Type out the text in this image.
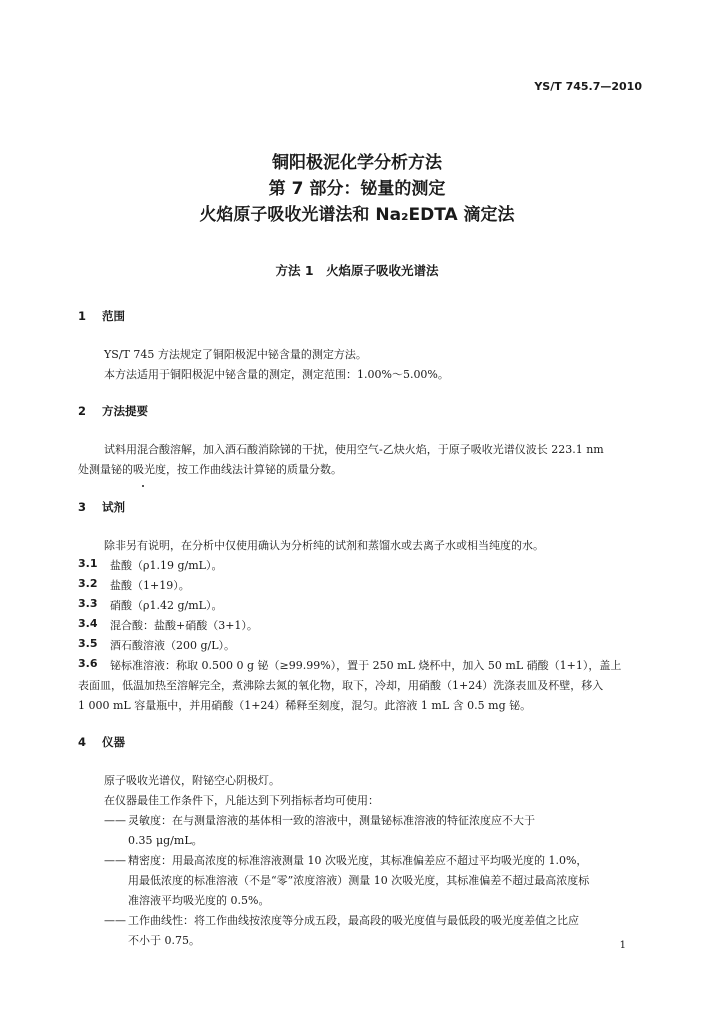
YS/T 745.7—2010
铜阳极泥化学分析方法
第 7 部分：铋量的测定
火焰原子吸收光谱法和 Na₂EDTA 滴定法
方法 1　火焰原子吸收光谱法
1 范围
YS/T 745 方法规定了铜阳极泥中铋含量的测定方法。
本方法适用于铜阳极泥中铋含量的测定，测定范围：1.00%～5.00%。
2 方法提要
试料用混合酸溶解，加入酒石酸消除锑的干扰，使用空气-乙炔火焰，于原子吸收光谱仪波长 223.1 nm
处测量铋的吸光度，按工作曲线法计算铋的质量分数。
3 试剂
除非另有说明，在分析中仅使用确认为分析纯的试剂和蒸馏水或去离子水或相当纯度的水。
3.1 盐酸（ρ1.19 g/mL）。
3.2 盐酸（1+19）。
3.3 硝酸（ρ1.42 g/mL）。
3.4 混合酸：盐酸+硝酸（3+1）。
3.5 酒石酸溶液（200 g/L）。
3.6 铋标准溶液：称取 0.500 0 g 铋（≥99.99%），置于 250 mL 烧杯中，加入 50 mL 硝酸（1+1），盖上
表面皿，低温加热至溶解完全，煮沸除去氮的氧化物，取下，冷却，用硝酸（1+24）洗涤表皿及杯壁，移入
1 000 mL 容量瓶中，并用硝酸（1+24）稀释至刻度，混匀。此溶液 1 mL 含 0.5 mg 铋。
4 仪器
原子吸收光谱仪，附铋空心阴极灯。
在仪器最佳工作条件下，凡能达到下列指标者均可使用：
—— 灵敏度：在与测量溶液的基体相一致的溶液中，测量铋标准溶液的特征浓度应不大于
0.35 μg/mL。
—— 精密度：用最高浓度的标准溶液测量 10 次吸光度，其标准偏差应不超过平均吸光度的 1.0%，
用最低浓度的标准溶液（不是“零”浓度溶液）测量 10 次吸光度，其标准偏差不超过最高浓度标
准溶液平均吸光度的 0.5%。
—— 工作曲线性：将工作曲线按浓度等分成五段，最高段的吸光度值与最低段的吸光度差值之比应
不小于 0.75。	1
